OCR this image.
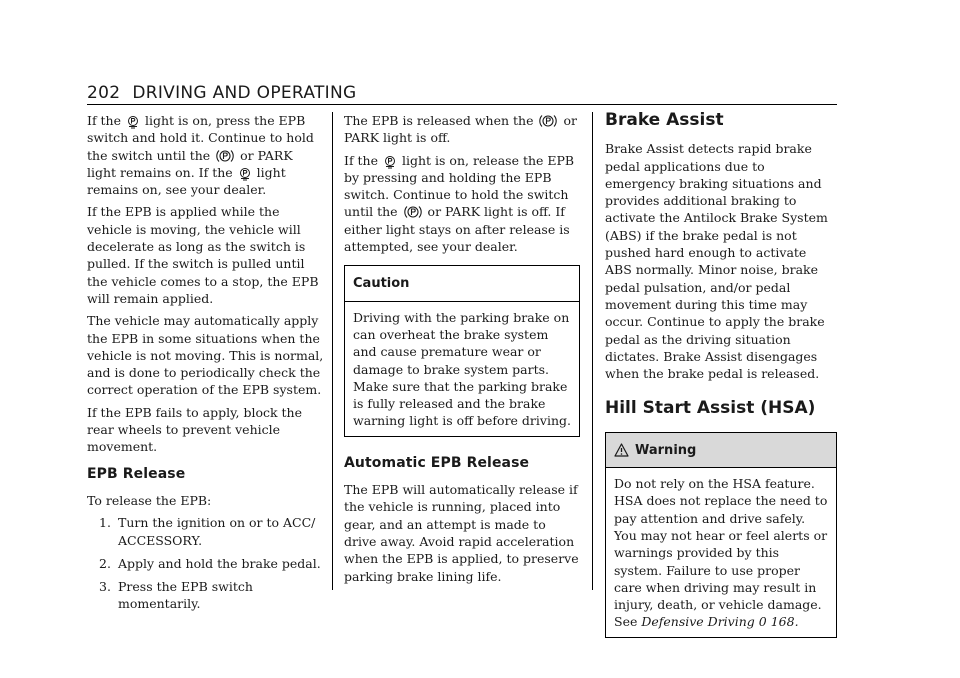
202 DRIVING AND OPERATING

If the light is on, press the EPB switch and hold it. Continue to hold the switch until the or PARK light remains on. If the light remains on, see your dealer.

If the EPB is applied while the vehicle is moving, the vehicle will decelerate as long as the switch is pulled. If the switch is pulled until the vehicle comes to a stop, the EPB will remain applied.

The vehicle may automatically apply the EPB in some situations when the vehicle is not moving. This is normal, and is done to periodically check the correct operation of the EPB system.

If the EPB fails to apply, block the rear wheels to prevent vehicle movement.

EPB Release

To release the EPB:

1. Turn the ignition on or to ACC/ ACCESSORY.
2. Apply and hold the brake pedal.
3. Press the EPB switch momentarily.

The EPB is released when the or PARK light is off.

If the light is on, release the EPB by pressing and holding the EPB switch. Continue to hold the switch until the or PARK light is off. If either light stays on after release is attempted, see your dealer.

Caution

Driving with the parking brake on can overheat the brake system and cause premature wear or damage to brake system parts. Make sure that the parking brake is fully released and the brake warning light is off before driving.

Automatic EPB Release

The EPB will automatically release if the vehicle is running, placed into gear, and an attempt is made to drive away. Avoid rapid acceleration when the EPB is applied, to preserve parking brake lining life.

Brake Assist

Brake Assist detects rapid brake pedal applications due to emergency braking situations and provides additional braking to activate the Antilock Brake System (ABS) if the brake pedal is not pushed hard enough to activate ABS normally. Minor noise, brake pedal pulsation, and/or pedal movement during this time may occur. Continue to apply the brake pedal as the driving situation dictates. Brake Assist disengages when the brake pedal is released.

Hill Start Assist (HSA)
Warning

Do not rely on the HSA feature. HSA does not replace the need to pay attention and drive safely. You may not hear or feel alerts or warnings provided by this system. Failure to use proper care when driving may result in injury, death, or vehicle damage. See Defensive Driving 0 168.
